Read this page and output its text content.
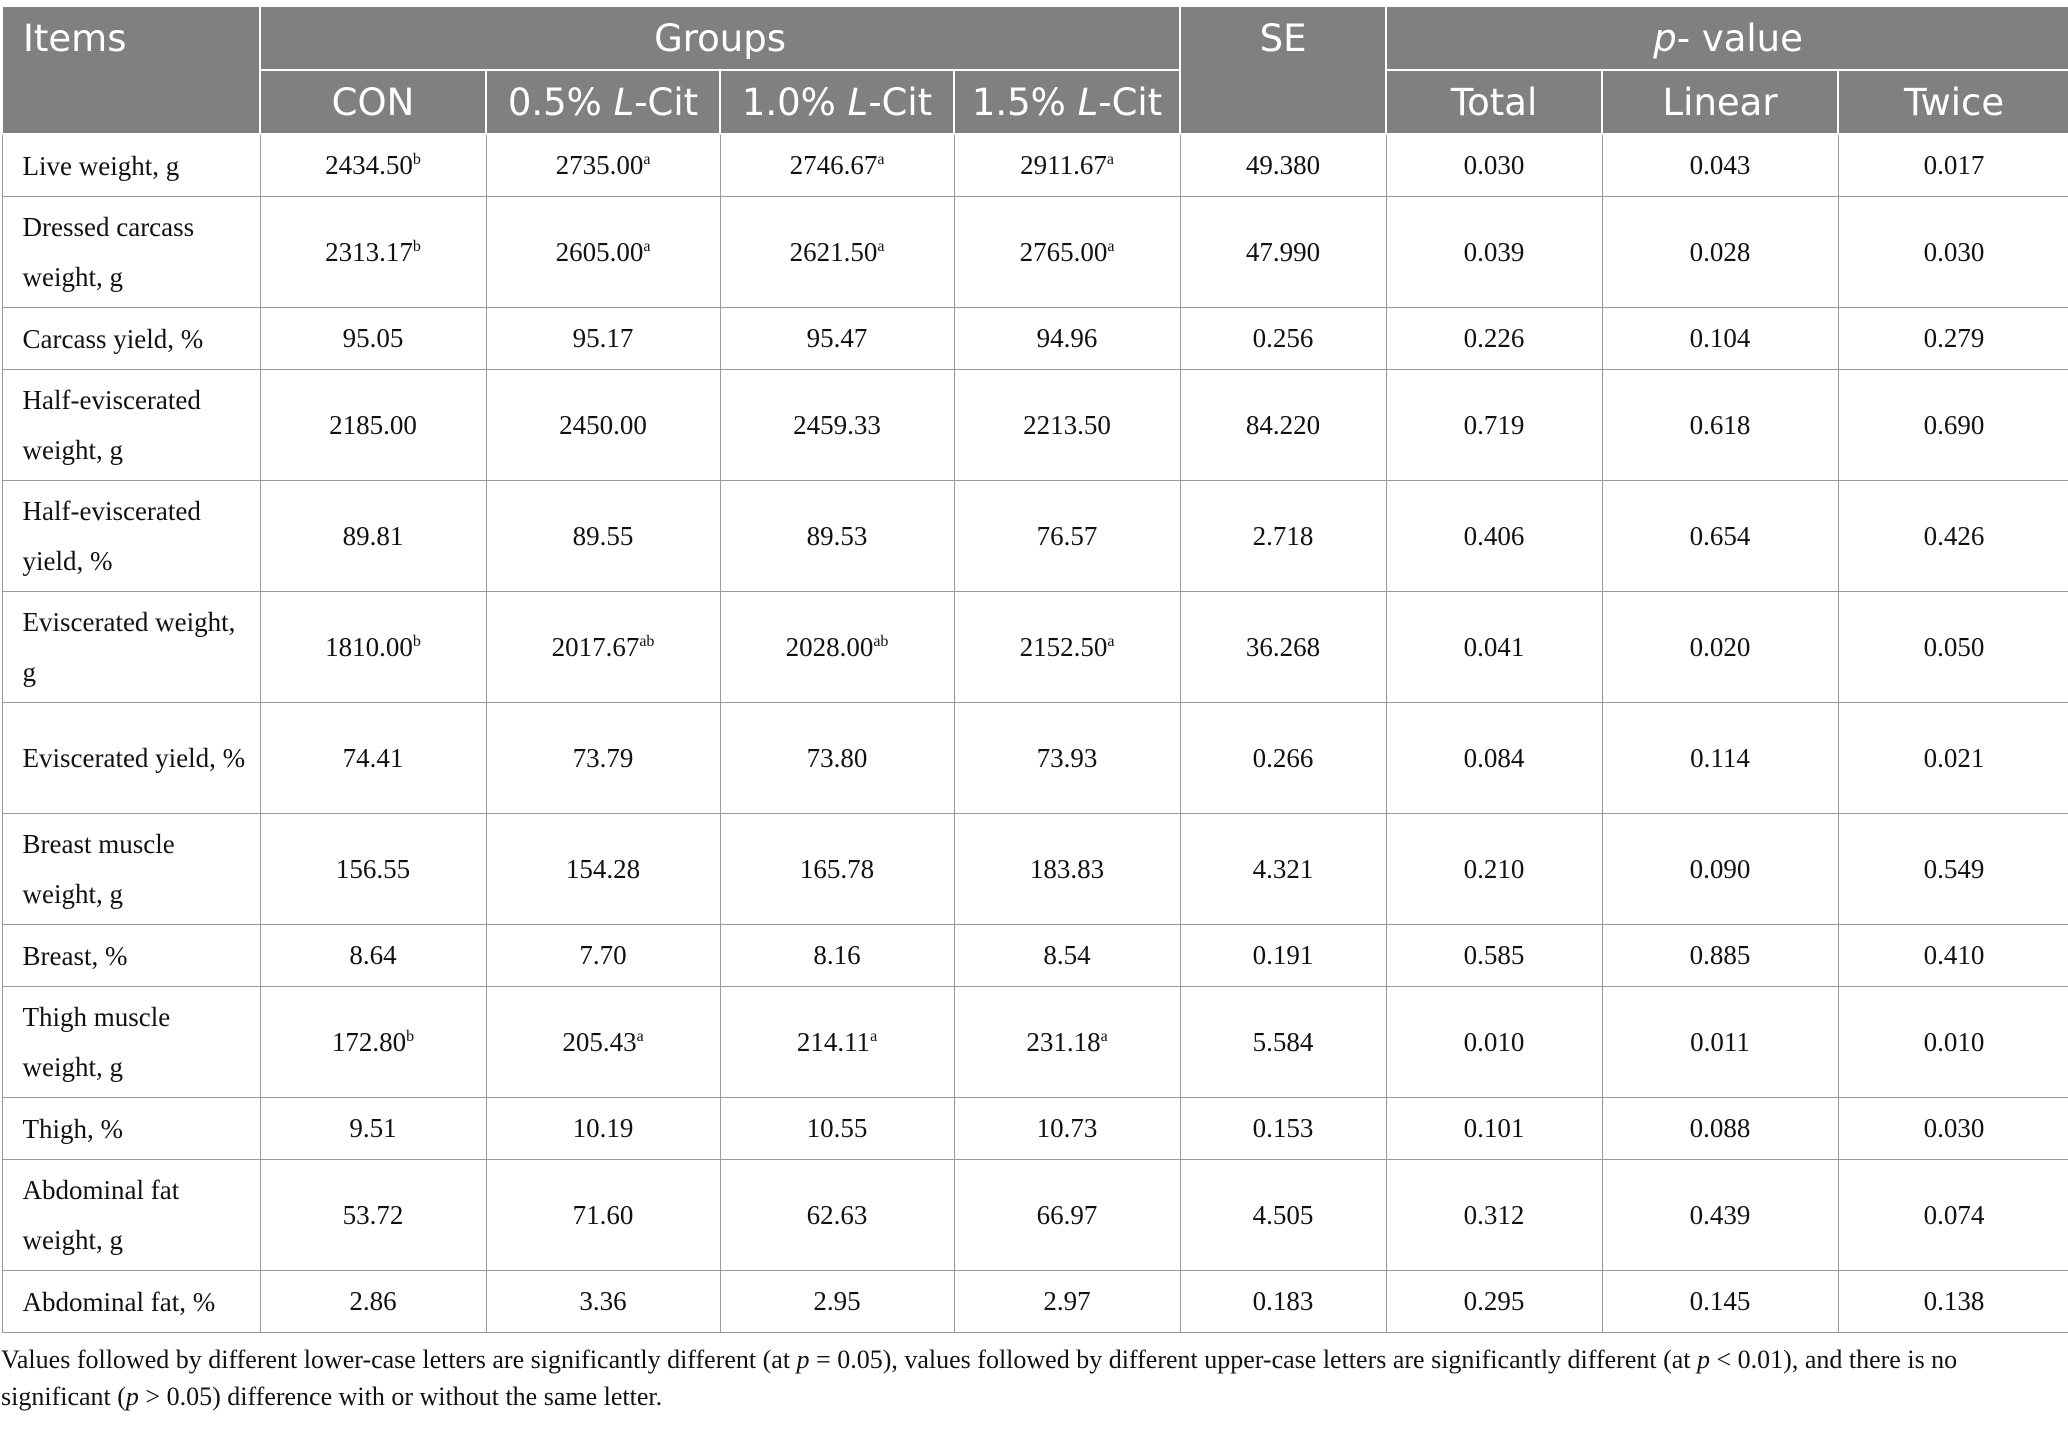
Items	Groups				SE	p- value		
	CON	0.5% L-Cit	1.0% L-Cit	1.5% L-Cit		Total	Linear	Twice
Live weight, g	2434.50$^b$	2735.00$^a$	2746.67$^a$	2911.67$^a$	49.380	0.030	0.043	0.017
Dressed carcass weight, g	2313.17$^b$	2605.00$^a$	2621.50$^a$	2765.00$^a$	47.990	0.039	0.028	0.030
Carcass yield, %	95.05	95.17	95.47	94.96	0.256	0.226	0.104	0.279
Half-eviscerated weight, g	2185.00	2450.00	2459.33	2213.50	84.220	0.719	0.618	0.690
Half-eviscerated yield, %	89.81	89.55	89.53	76.57	2.718	0.406	0.654	0.426
Eviscerated weight, g	1810.00$^b$	2017.67$^{ab}$	2028.00$^{ab}$	2152.50$^a$	36.268	0.041	0.020	0.050
Eviscerated yield, %	74.41	73.79	73.80	73.93	0.266	0.084	0.114	0.021
Breast muscle weight, g	156.55	154.28	165.78	183.83	4.321	0.210	0.090	0.549
Breast, %	8.64	7.70	8.16	8.54	0.191	0.585	0.885	0.410
Thigh muscle weight, g	172.80$^b$	205.43$^a$	214.11$^a$	231.18$^a$	5.584	0.010	0.011	0.010
Thigh, %	9.51	10.19	10.55	10.73	0.153	0.101	0.088	0.030
Abdominal fat weight, g	53.72	71.60	62.63	66.97	4.505	0.312	0.439	0.074
Abdominal fat, %	2.86	3.36	2.95	2.97	0.183	0.295	0.145	0.138
Values followed by different lower-case letters are significantly different (at p = 0.05), values followed by different upper-case letters are significantly different (at p < 0.01), and there is no significant (p > 0.05) difference with or without the same letter.
